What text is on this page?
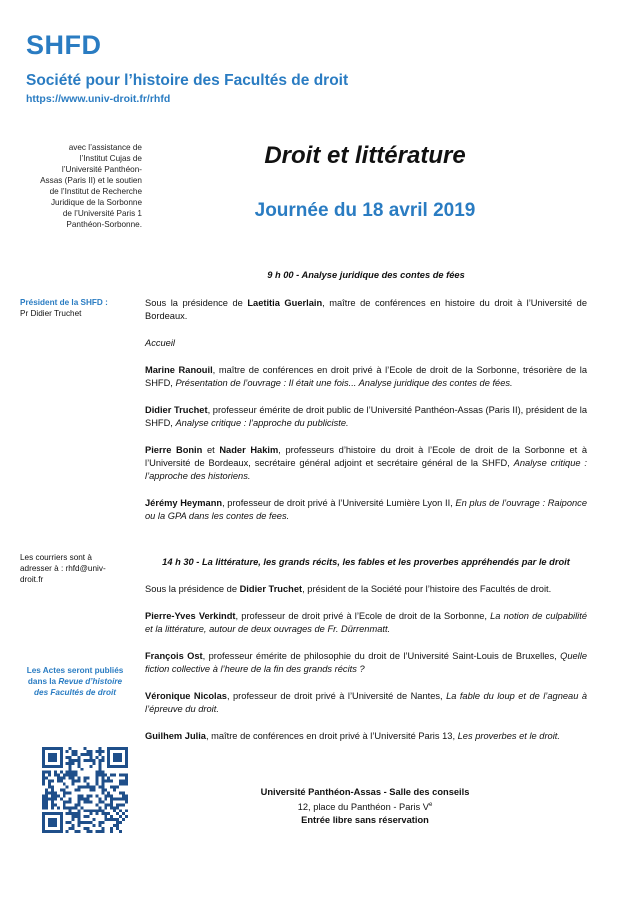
SHFD
Société pour l’histoire des Facultés de droit
https://www.univ-droit.fr/rhfd
avec l’assistance de
l’Institut Cujas de
l’Université Panthéon-
Assas (Paris II) et le soutien
de l’Institut de Recherche
Juridique de la Sorbonne
de l’Université Paris 1
Panthéon-Sorbonne.
Droit et littérature
Journée du 18 avril 2019
9 h 00 - Analyse juridique des contes de fées
Président de la SHFD :
Pr Didier Truchet

Sous la présidence de Laetitia Guerlain, maître de conférences en histoire du droit à l’Université de Bordeaux.

Accueil

Marine Ranouil, maître de conférences en droit privé à l’Ecole de droit de la Sorbonne, trésorière de la SHFD, Présentation de l’ouvrage : Il était une fois... Analyse juridique des contes de fées.

Didier Truchet, professeur émérite de droit public de l’Université Panthéon-Assas (Paris II), président de la SHFD, Analyse critique : l’approche du publiciste.

Pierre Bonin et Nader Hakim, professeurs d’histoire du droit à l’Ecole de droit de la Sorbonne et à l’Université de Bordeaux, secrétaire général adjoint et secrétaire général de la SHFD, Analyse critique : l’approche des historiens.

Jérémy Heymann, professeur de droit privé à l’Université Lumière Lyon II, En plus de l’ouvrage : Raiponce ou la GPA dans les contes de fees.

Les courriers sont à
adresser à : rhfd@univ-
droit.fr
14 h 30 - La littérature, les grands récits, les fables et les proverbes appréhendés par le droit

Sous la présidence de Didier Truchet, président de la Société pour l’histoire des Facultés de droit.

Pierre-Yves Verkindt, professeur de droit privé à l’Ecole de droit de la Sorbonne, La notion de culpabilité et la littérature, autour de deux ouvrages de Fr. Dürrenmatt.

François Ost, professeur émérite de philosophie du droit de l’Université Saint-Louis de Bruxelles, Quelle fiction collective à l’heure de la fin des grands récits ?

Véronique Nicolas, professeur de droit privé à l’Université de Nantes, La fable du loup et de l’agneau à l’épreuve du droit.

Guilhem Julia, maître de conférences en droit privé à l’Université Paris 13, Les proverbes et le droit.

Les Actes seront publiés
dans la Revue d’histoire
des Facultés de droit
Université Panthéon-Assas - Salle des conseils
12, place du Panthéon - Paris Ve
Entrée libre sans réservation
